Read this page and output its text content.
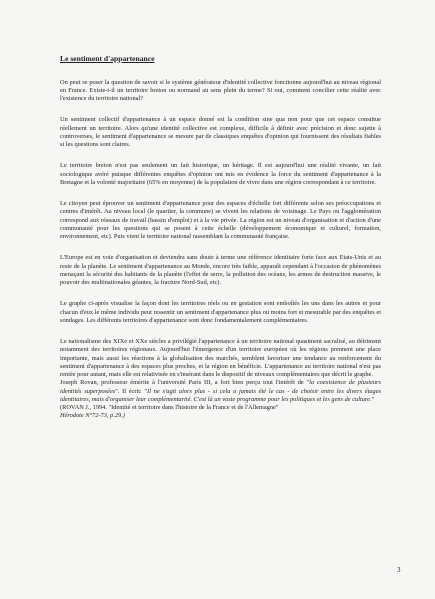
Le sentiment d'appartenance

On peut se poser la question de savoir si le système générateur d'identité collective fonctionne aujourd'hui au niveau régional en France. Existe-t-il un territoire breton ou normand au sens plein du terme? Si oui, comment concilier cette réalité avec l'existence du territoire national?

Un sentiment collectif d'appartenance à un espace donné est la condition sine qua non pour que cet espace constitue réellement un territoire. Alors qu'une identité collective est complexe, difficile à définir avec précision et donc sujette à controverses, le sentiment d'appartenance se mesure par de classiques enquêtes d'opinion qui fournissent des résultats fiables si les questions sont claires.

Le territoire breton n'est pas seulement un fait historique, un héritage. Il est aujourd'hui une réalité vivante, un fait sociologique avéré puisque différentes enquêtes d'opinion ont mis en évidence la force du sentiment d'appartenance à la Bretagne et la volonté majoritaire (65% en moyenne) de la population de vivre dans une région correspondant à ce territoire.

Le citoyen peut éprouver un sentiment d'appartenance pour des espaces d'échelle fort différente selon ses préoccupations et centres d'intérêt. Au niveau local (le quartier, la commune) se vivent les relations de voisinage. Le Pays ou l'agglomération correspond aux réseaux de travail (bassin d'emploi) et à la vie privée. La région est un niveau d'organisation et d'action d'une communauté pour les questions qui se posent à cette échelle (développement économique et culturel, formation, environnement, etc). Puis vient le territoire national rassemblant la communauté française.

L'Europe est en voie d'organisation et deviendra sans doute à terme une référence identitaire forte face aux Etats-Unis et au reste de la planète. Le sentiment d'appartenance au Monde, encore très faible, apparaît cependant à l'occasion de phénomènes menaçant la sécurité des habitants de la planète (l'effet de serre, la pollution des océans, les armes de destruction massive, le pouvoir des multinationales géantes, la fracture Nord-Sud, etc).

Le graphe ci-après visualise la façon dont les territoires réels ou en gestation sont emboîtés les uns dans les autres et pour chacun d'eux le même individu peut ressentir un sentiment d'appartenance plus ou moins fort et mesurable par des enquêtes et sondages. Les différents territoires d'appartenance sont donc fondamentalement complémentaires.

Le nationalisme des XIXe et XXe siècles a privilégié l'appartenance à un territoire national quasiment sacralisé, au détriment notamment des territoires régionaux. Aujourd'hui l'émergence d'un territoire européen où les régions prennent une place importante, mais aussi les réactions à la globalisation des marchés, semblent favoriser une tendance au renforcement du sentiment d'appartenance à des espaces plus proches, et la région en bénéficie. L'appartenance au territoire national n'est pas reniée pour autant, mais elle est relativisée en s'insérant dans le dispositif de niveaux complémentaires que décrit le graphe.

Joseph Rovan, professeur émérite à l'université Paris III, a fort bien perçu tout l'intérêt de "la coexistence de plusieurs identités superposées". Il écrit: "Il ne s'agit alors plus - si cela a jamais été le cas - de choisir entre les divers étages identitaires, mais d'organiser leur complémentarité. C'est là un vaste programme pour les politiques et les gens de culture."

(ROVAN J., 1994. "Identité et territoire dans l'histoire de la France et de l'Allemagne"
Hérodote N°72-73, p.29.)

3
